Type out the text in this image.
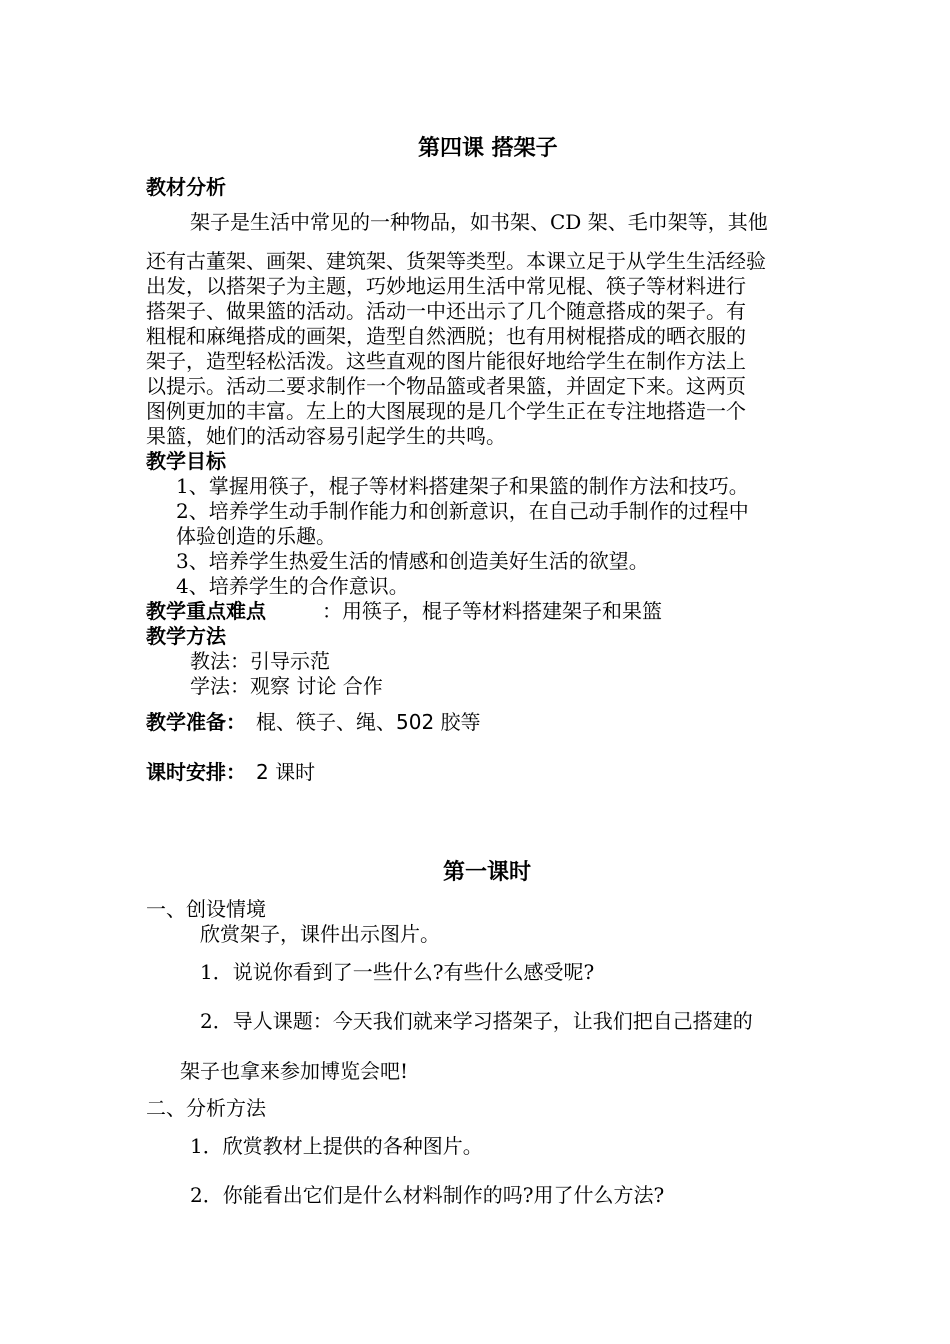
第四课 搭架子
教材分析
架子是生活中常见的一种物品，如书架、CD 架、毛巾架等，其他
还有古董架、画架、建筑架、货架等类型。本课立足于从学生生活经验
出发，以搭架子为主题，巧妙地运用生活中常见棍、筷子等材料进行
搭架子、做果篮的活动。活动一中还出示了几个随意搭成的架子。有
粗棍和麻绳搭成的画架，造型自然洒脱；也有用树棍搭成的晒衣服的
架子，造型轻松活泼。这些直观的图片能很好地给学生在制作方法上
以提示。活动二要求制作一个物品篮或者果篮，并固定下来。这两页
图例更加的丰富。左上的大图展现的是几个学生正在专注地搭造一个
果篮，她们的活动容易引起学生的共鸣。
教学目标
1、掌握用筷子，棍子等材料搭建架子和果篮的制作方法和技巧。
2、培养学生动手制作能力和创新意识，在自己动手制作的过程中
体验创造的乐趣。
3、培养学生热爱生活的情感和创造美好生活的欲望。
4、培养学生的合作意识。
教学重点难点	：用筷子，棍子等材料搭建架子和果篮
教学方法
教法：引导示范
学法：观察 讨论 合作
教学准备： 棍、筷子、绳、502 胶等
课时安排： 2 课时
第一课时
一、创设情境
欣赏架子，课件出示图片。
1．说说你看到了一些什么?有些什么感受呢?
2．导人课题：今天我们就来学习搭架子，让我们把自己搭建的
架子也拿来参加博览会吧!
二、分析方法
1．欣赏教材上提供的各种图片。
2．你能看出它们是什么材料制作的吗?用了什么方法?
